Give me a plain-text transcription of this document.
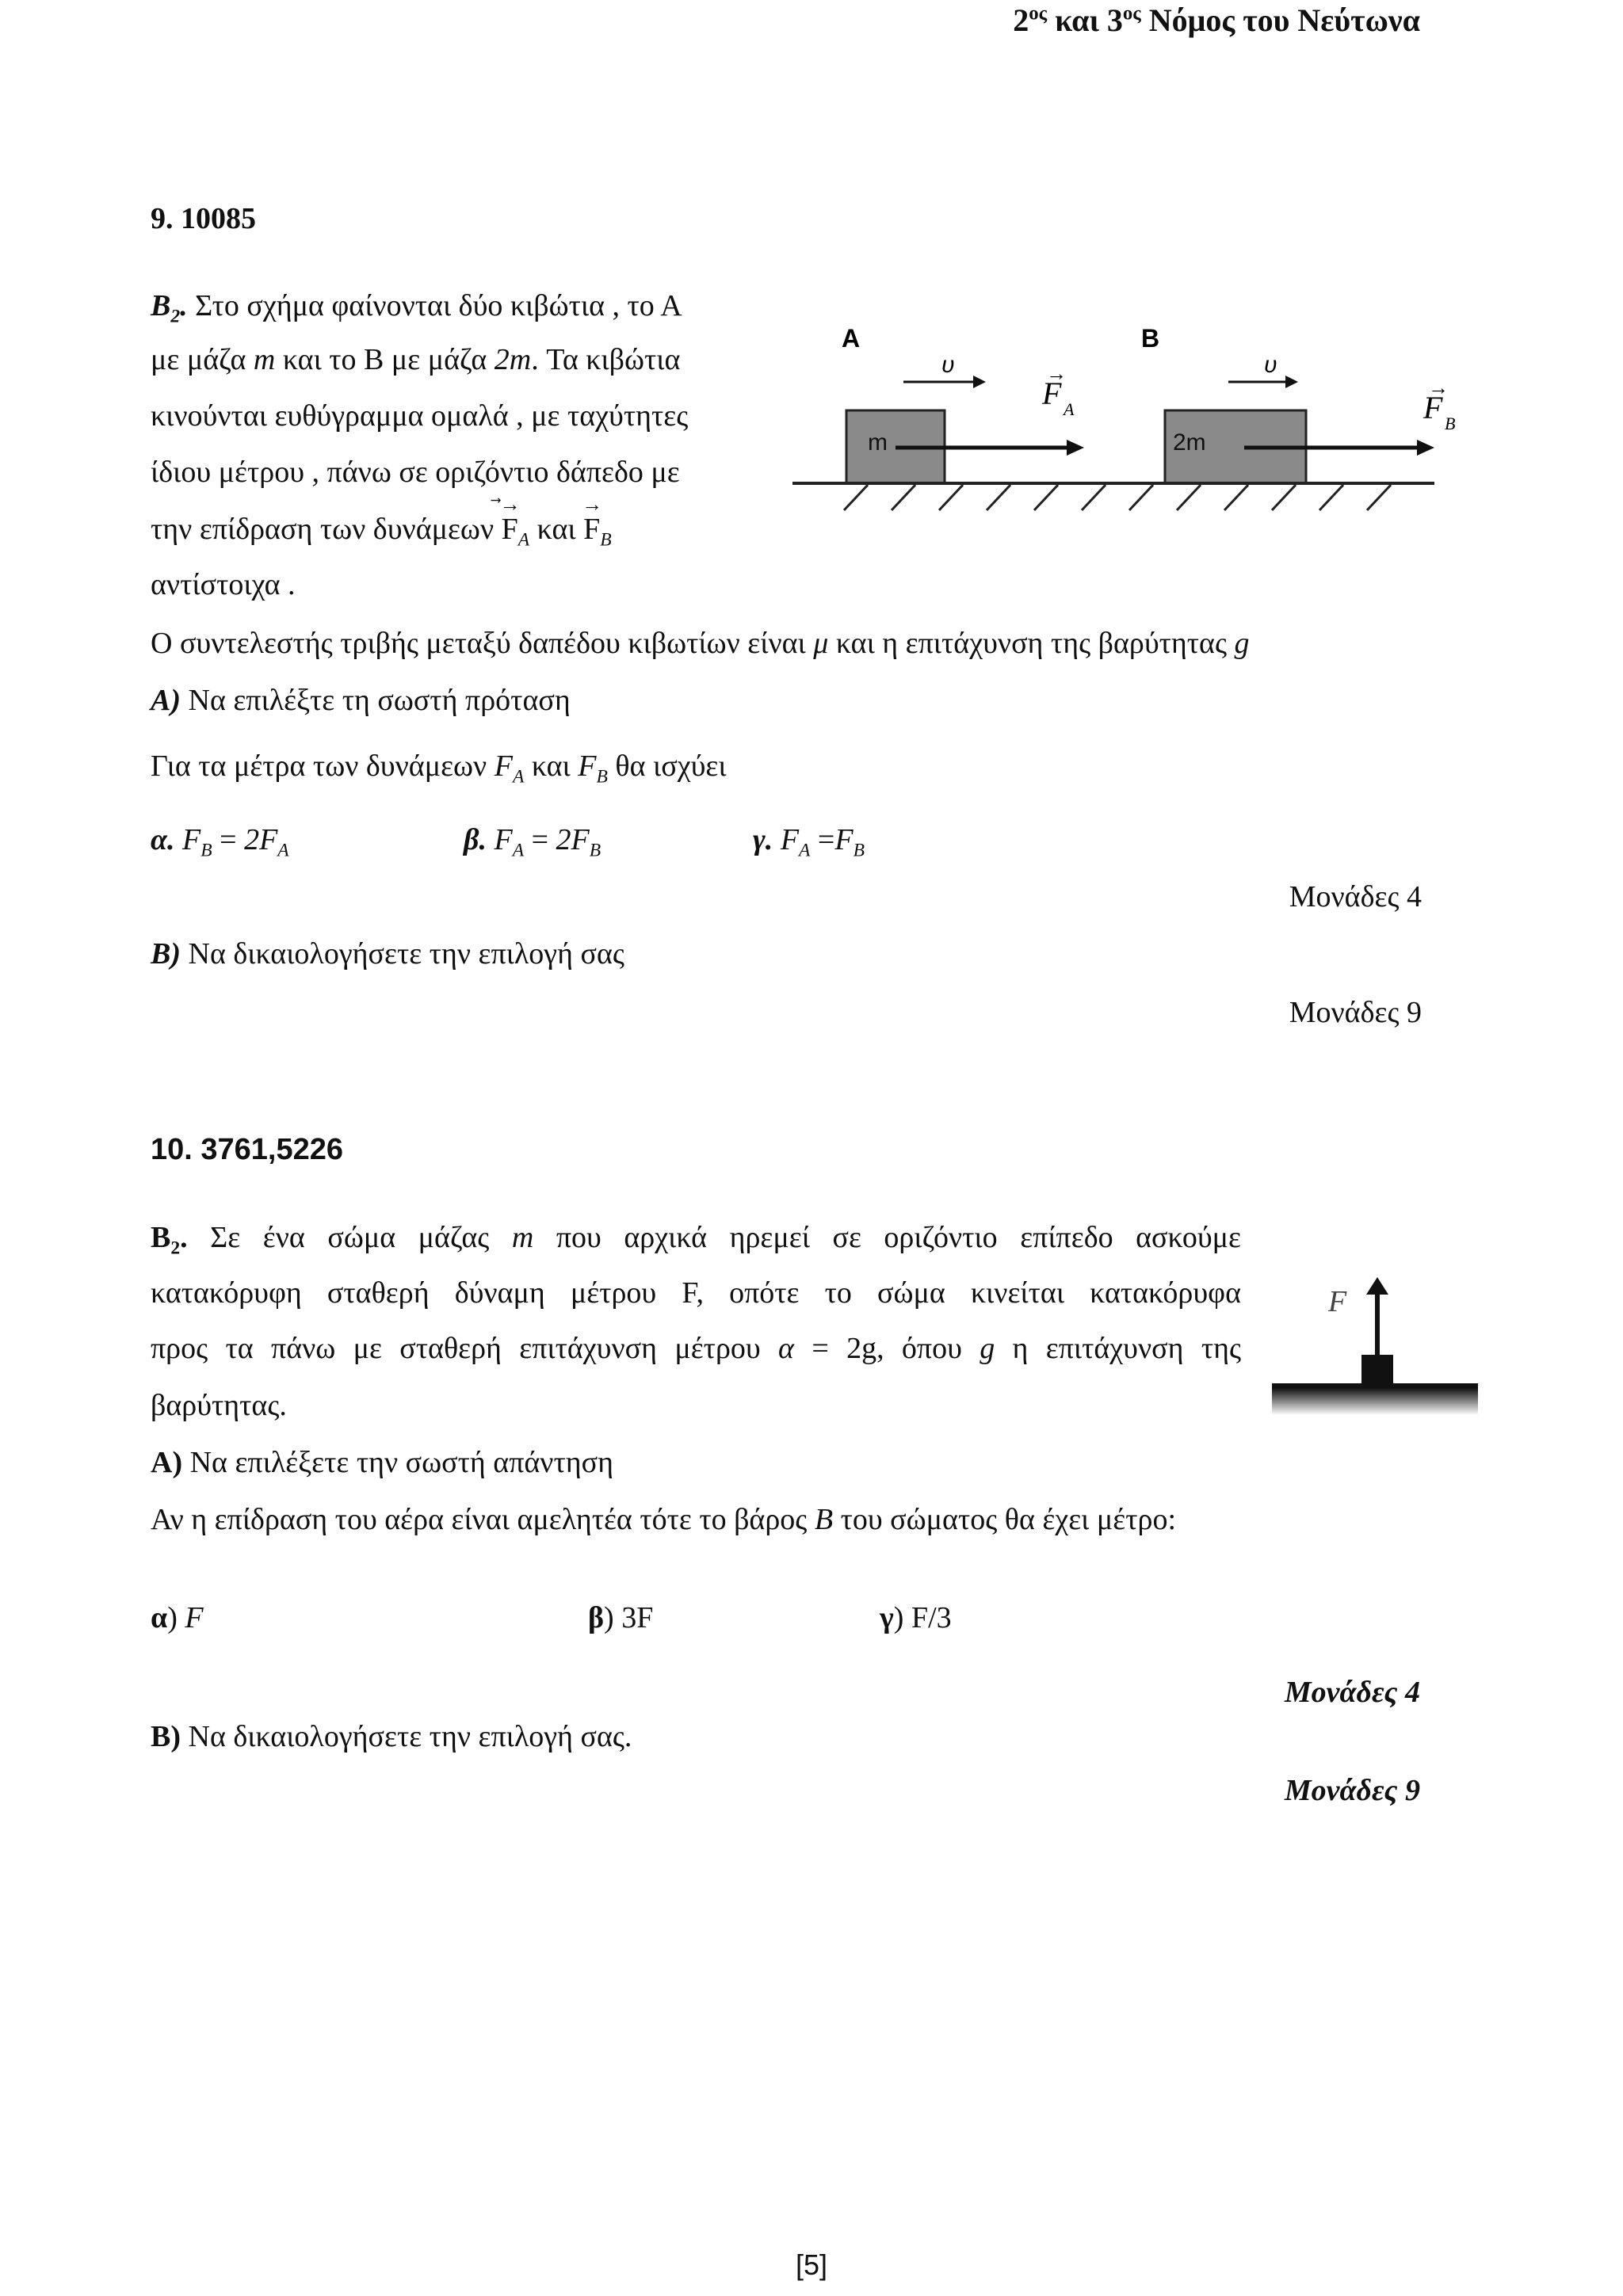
$2^{o\varsigma}$ και $3^{o\varsigma}$ Νόμος του Νεύτωνα
9. 10085
$B_2$. Στο σχήμα φαίνονται δύο κιβώτια , το Α
με μάζα m και το Β με μάζα 2m. Τα κιβώτια
κινούνται ευθύγραμμα ομαλά , με ταχύτητες
ίδιου μέτρου , πάνω σε οριζόντιο δάπεδο με
την επίδραση των δυνάμεων
→
$F_A$ και
→
$F_B$
αντίστοιχα .
Ο συντελεστής τριβής μεταξύ δαπέδου κιβωτίων είναι μ και η επιτάχυνση της βαρύτητας g
Α) Να επιλέξτε τη σωστή πρόταση
Για τα μέτρα των δυνάμεων $F_A$ και $F_B$ θα ισχύει
α. $F_B = 2F_A$	β. $F_A = 2F_B$	γ. $F_A =F_B$
Μονάδες 4
Β) Να δικαιολογήσετε την επιλογή σας
Μονάδες 9
A	B
υ	υ
m	2m
F A
→
F B
→
10. 3761,5226
$B_2$. Σε ένα σώμα μάζας m που αρχικά ηρεμεί σε οριζόντιο επίπεδο ασκούμε
κατακόρυφη σταθερή δύναμη μέτρου F, οπότε το σώμα κινείται κατακόρυφα
προς τα πάνω με σταθερή επιτάχυνση μέτρου α = 2g, όπου g η επιτάχυνση της
βαρύτητας.
Α) Να επιλέξετε την σωστή απάντηση
Αν η επίδραση του αέρα είναι αμελητέα τότε το βάρος B του σώματος θα έχει μέτρο:
α) F	β) 3F	γ) F/3
Μονάδες 4
Β) Να δικαιολογήσετε την επιλογή σας.
Μονάδες 9
F
[5]
